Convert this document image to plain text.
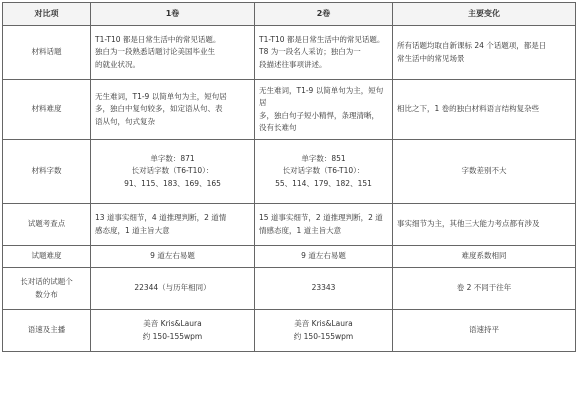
对比项	1卷	2卷	主要变化
材料话题	T1-T10 都是日常生活中的常见话题。
独白为一段熟悉话题讨论美国毕业生
的就业状况。	T1-T10 都是日常生活中的常见话题。
T8 为一段名人采访；独白为一
段描述往事项讲述。	所有话题均取自新课标 24 个话题项，都是日
常生活中的常见场景

材料难度	无生难词，T1-9 以简单句为主，短句居
多，独白中复句较多，如定语从句、表
语从句，句式复杂	无生难词，T1-9 以简单句为主，短句居
多，独白句子短小精悍，条理清晰，
没有长难句	相比之下，1 卷的独白材料语言结构复杂些

材料字数	单字数：871
长对话字数（T6-T10）：
91、115、183、169、165	单字数：851
长对话字数（T6-T10）：
55、114、179、182、151	字数差别不大

试题考查点	13 道事实细节，4 道推理判断，2 道情
感态度，1 道主旨大意	15 道事实细节，2 道推理判断，2 道
情感态度，1 道主旨大意	事实细节为主，其他三大能力考点都有涉及

试题难度	9 道左右易题	9 道左右易题	难度系数相同

长对话的试题个
数分布	22344（与历年相同）	23343	卷 2 不同于往年

语速及主播	美音 Kris&Laura
约 150-155wpm	美音 Kris&Laura
约 150-155wpm	语速持平
